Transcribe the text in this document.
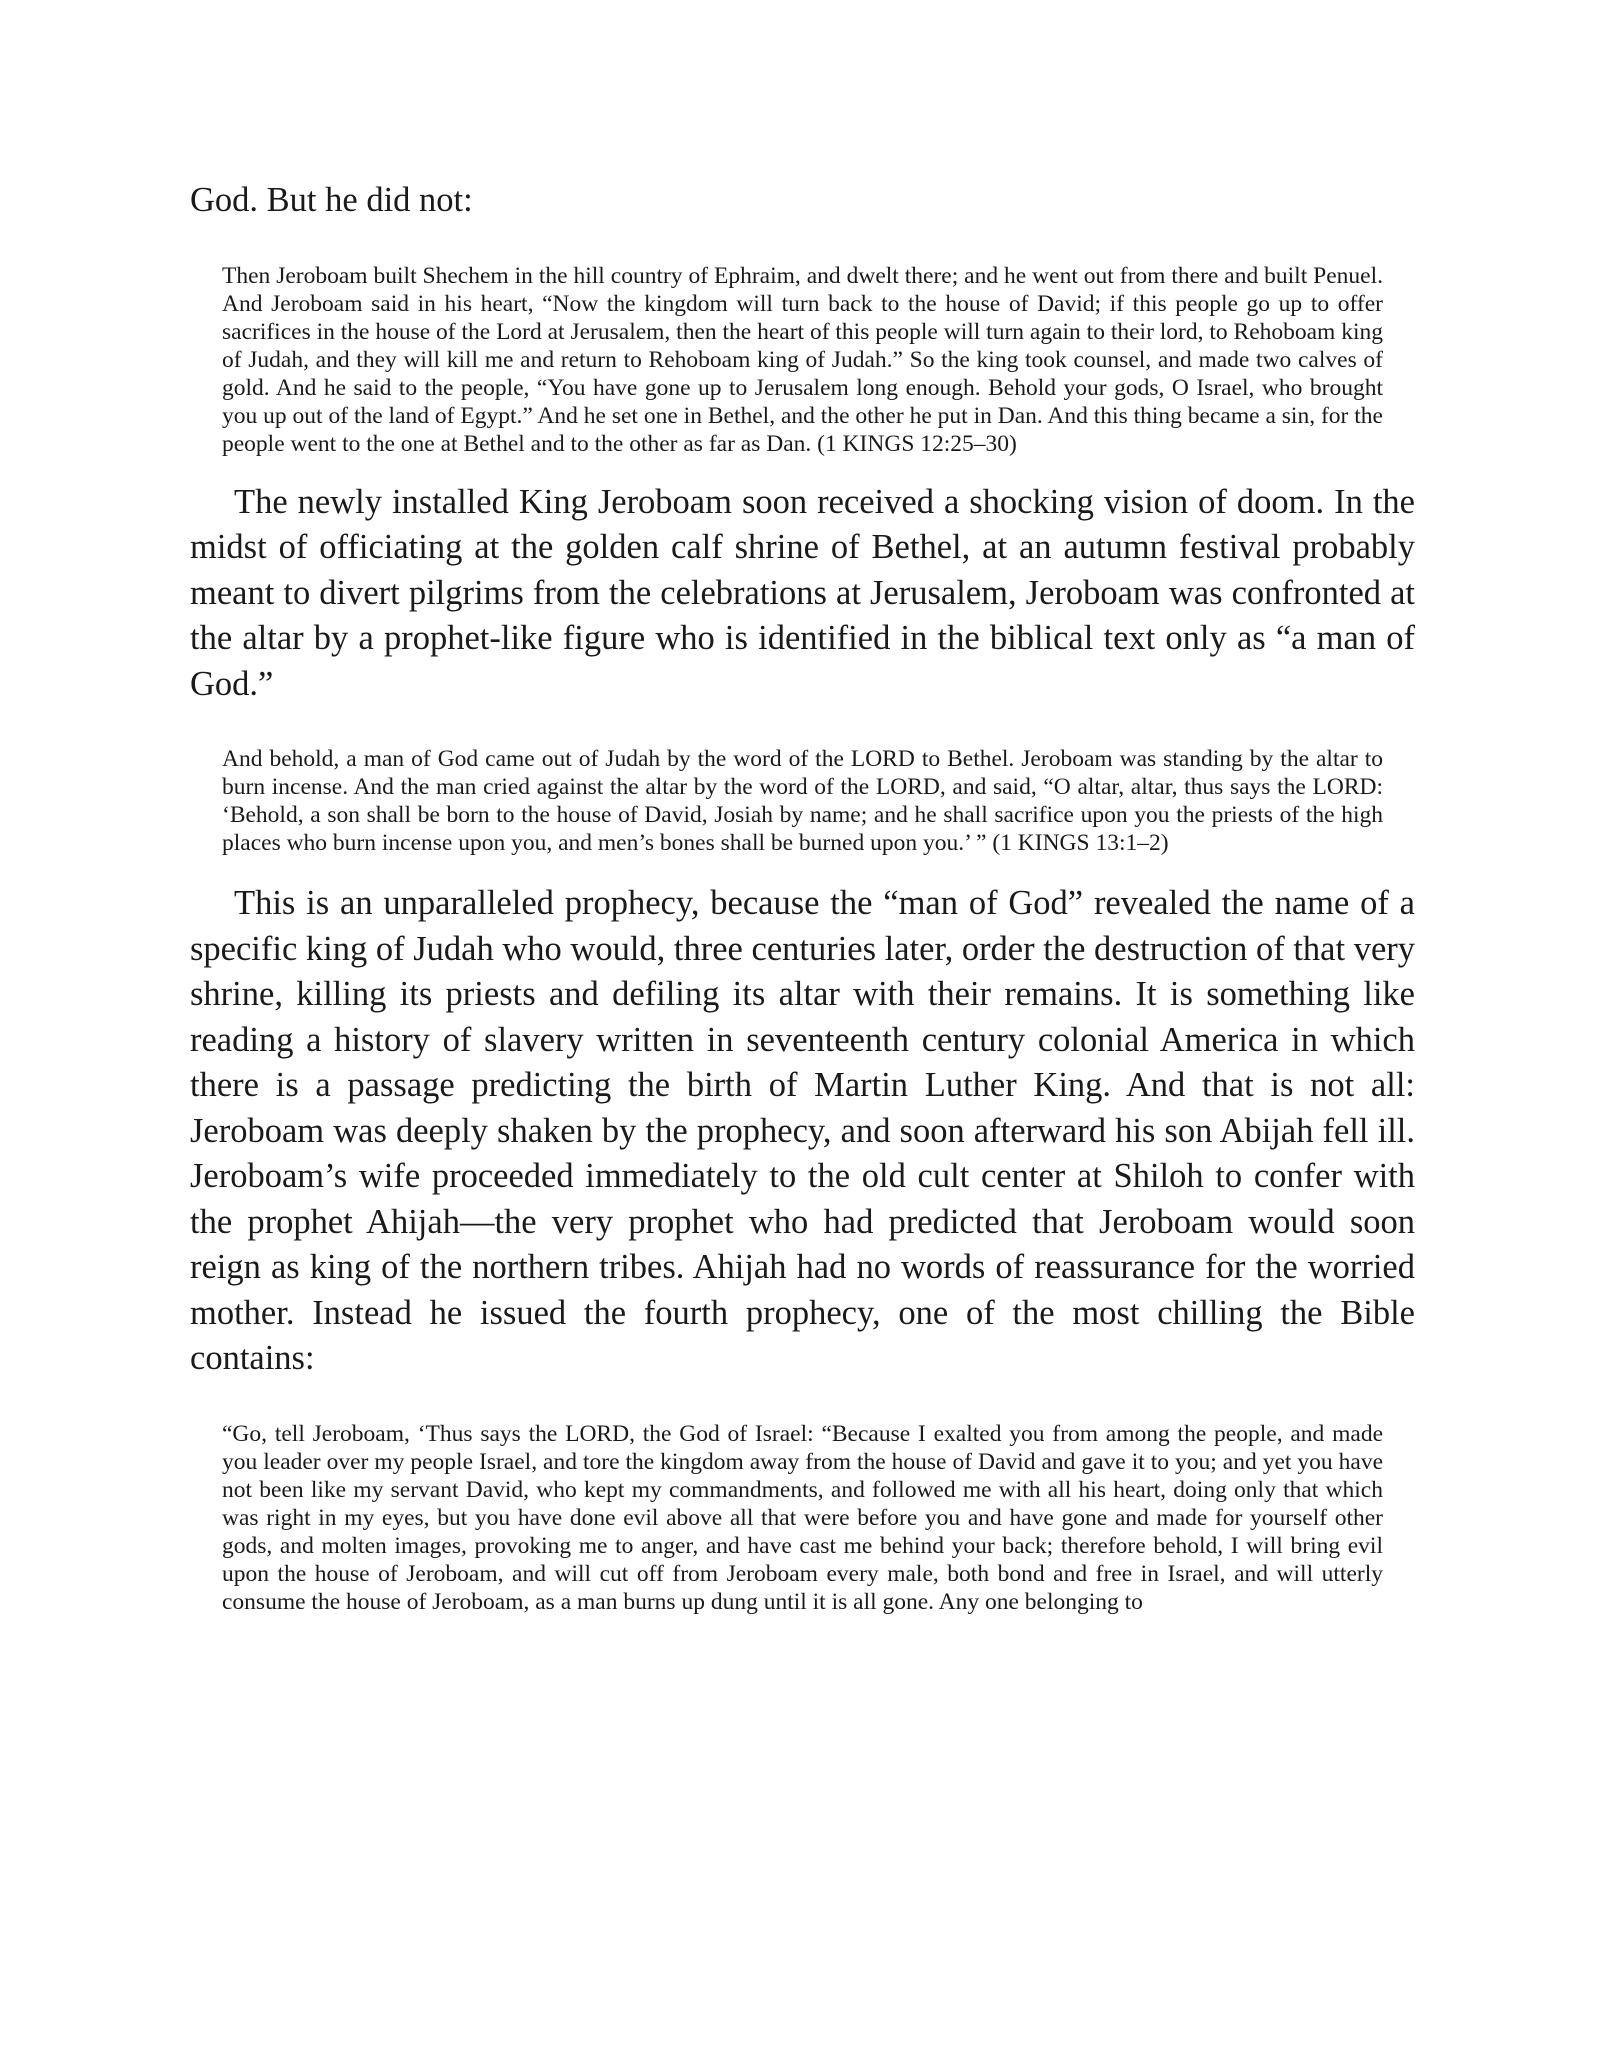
God. But he did not:

Then Jeroboam built Shechem in the hill country of Ephraim, and dwelt there; and he went out from there and built Penuel. And Jeroboam said in his heart, “Now the kingdom will turn back to the house of David; if this people go up to offer sacrifices in the house of the Lord at Jerusalem, then the heart of this people will turn again to their lord, to Rehoboam king of Judah, and they will kill me and return to Rehoboam king of Judah.” So the king took counsel, and made two calves of gold. And he said to the people, “You have gone up to Jerusalem long enough. Behold your gods, O Israel, who brought you up out of the land of Egypt.” And he set one in Bethel, and the other he put in Dan. And this thing became a sin, for the people went to the one at Bethel and to the other as far as Dan. (1 KINGS 12:25–30)

The newly installed King Jeroboam soon received a shocking vision of doom. In the midst of officiating at the golden calf shrine of Bethel, at an autumn festival probably meant to divert pilgrims from the celebrations at Jerusalem, Jeroboam was confronted at the altar by a prophet-like figure who is identified in the biblical text only as “a man of God.”

And behold, a man of God came out of Judah by the word of the LORD to Bethel. Jeroboam was standing by the altar to burn incense. And the man cried against the altar by the word of the LORD, and said, “O altar, altar, thus says the LORD: ‘Behold, a son shall be born to the house of David, Josiah by name; and he shall sacrifice upon you the priests of the high places who burn incense upon you, and men’s bones shall be burned upon you.’ ” (1 KINGS 13:1–2)

This is an unparalleled prophecy, because the “man of God” revealed the name of a specific king of Judah who would, three centuries later, order the destruction of that very shrine, killing its priests and defiling its altar with their remains. It is something like reading a history of slavery written in seventeenth century colonial America in which there is a passage predicting the birth of Martin Luther King. And that is not all: Jeroboam was deeply shaken by the prophecy, and soon afterward his son Abijah fell ill. Jeroboam’s wife proceeded immediately to the old cult center at Shiloh to confer with the prophet Ahijah—the very prophet who had predicted that Jeroboam would soon reign as king of the northern tribes. Ahijah had no words of reassurance for the worried mother. Instead he issued the fourth prophecy, one of the most chilling the Bible contains:

“Go, tell Jeroboam, ‘Thus says the LORD, the God of Israel: “Because I exalted you from among the people, and made you leader over my people Israel, and tore the kingdom away from the house of David and gave it to you; and yet you have not been like my servant David, who kept my commandments, and followed me with all his heart, doing only that which was right in my eyes, but you have done evil above all that were before you and have gone and made for yourself other gods, and molten images, provoking me to anger, and have cast me behind your back; therefore behold, I will bring evil upon the house of Jeroboam, and will cut off from Jeroboam every male, both bond and free in Israel, and will utterly consume the house of Jeroboam, as a man burns up dung until it is all gone. Any one belonging to
